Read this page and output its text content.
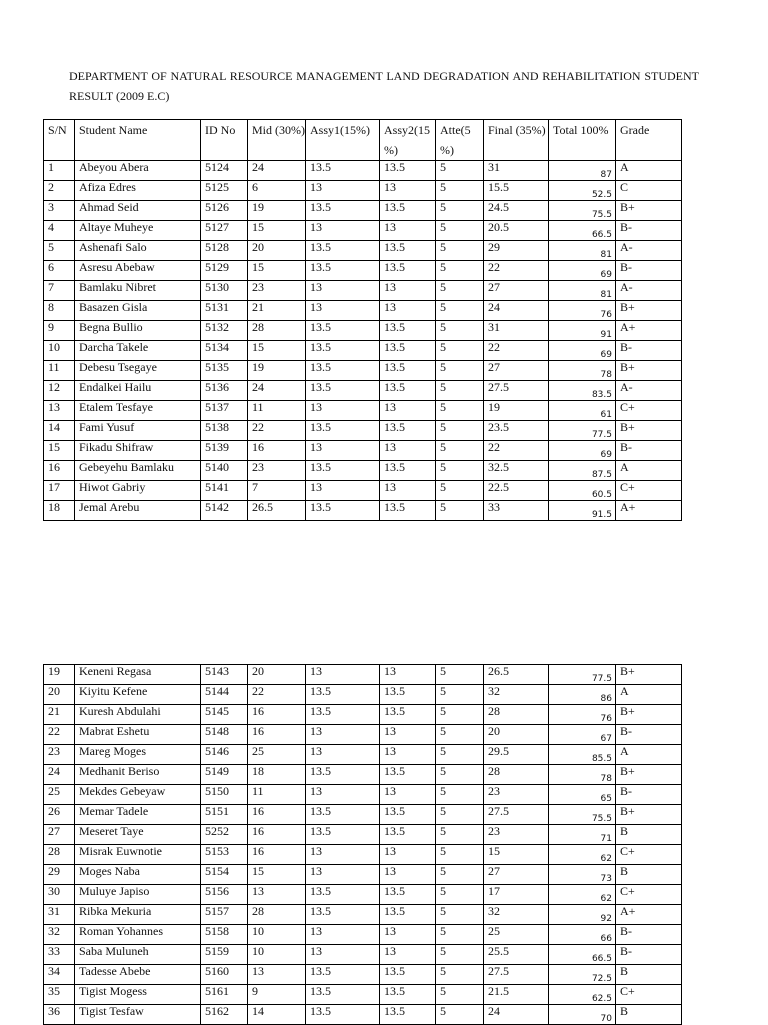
DEPARTMENT OF NATURAL RESOURCE MANAGEMENT LAND DEGRADATION AND REHABILITATION STUDENT RESULT (2009 E.C)

S/N	Student Name	ID No	Mid (30%)	Assy1(15%)	Assy2(15 %)	Atte(5 %)	Final (35%)	Total 100%	Grade
1	Abeyou Abera	5124	24	13.5	13.5	5	31	87	A
2	Afiza Edres	5125	6	13	13	5	15.5	52.5	C
3	Ahmad Seid	5126	19	13.5	13.5	5	24.5	75.5	B+
4	Altaye Muheye	5127	15	13	13	5	20.5	66.5	B-
5	Ashenafi Salo	5128	20	13.5	13.5	5	29	81	A-
6	Asresu Abebaw	5129	15	13.5	13.5	5	22	69	B-
7	Bamlaku Nibret	5130	23	13	13	5	27	81	A-
8	Basazen Gisla	5131	21	13	13	5	24	76	B+
9	Begna Bullio	5132	28	13.5	13.5	5	31	91	A+
10	Darcha Takele	5134	15	13.5	13.5	5	22	69	B-
11	Debesu Tsegaye	5135	19	13.5	13.5	5	27	78	B+
12	Endalkei Hailu	5136	24	13.5	13.5	5	27.5	83.5	A-
13	Etalem Tesfaye	5137	11	13	13	5	19	61	C+
14	Fami Yusuf	5138	22	13.5	13.5	5	23.5	77.5	B+
15	Fikadu Shifraw	5139	16	13	13	5	22	69	B-
16	Gebeyehu Bamlaku	5140	23	13.5	13.5	5	32.5	87.5	A
17	Hiwot Gabriy	5141	7	13	13	5	22.5	60.5	C+
18	Jemal Arebu	5142	26.5	13.5	13.5	5	33	91.5	A+
19	Keneni Regasa	5143	20	13	13	5	26.5	77.5	B+
20	Kiyitu Kefene	5144	22	13.5	13.5	5	32	86	A
21	Kuresh Abdulahi	5145	16	13.5	13.5	5	28	76	B+
22	Mabrat Eshetu	5148	16	13	13	5	20	67	B-
23	Mareg Moges	5146	25	13	13	5	29.5	85.5	A
24	Medhanit Beriso	5149	18	13.5	13.5	5	28	78	B+
25	Mekdes Gebeyaw	5150	11	13	13	5	23	65	B-
26	Memar Tadele	5151	16	13.5	13.5	5	27.5	75.5	B+
27	Meseret Taye	5252	16	13.5	13.5	5	23	71	B
28	Misrak Euwnotie	5153	16	13	13	5	15	62	C+
29	Moges Naba	5154	15	13	13	5	27	73	B
30	Muluye Japiso	5156	13	13.5	13.5	5	17	62	C+
31	Ribka Mekuria	5157	28	13.5	13.5	5	32	92	A+
32	Roman Yohannes	5158	10	13	13	5	25	66	B-
33	Saba Muluneh	5159	10	13	13	5	25.5	66.5	B-
34	Tadesse Abebe	5160	13	13.5	13.5	5	27.5	72.5	B
35	Tigist Mogess	5161	9	13.5	13.5	5	21.5	62.5	C+
36	Tigist Tesfaw	5162	14	13.5	13.5	5	24	70	B
